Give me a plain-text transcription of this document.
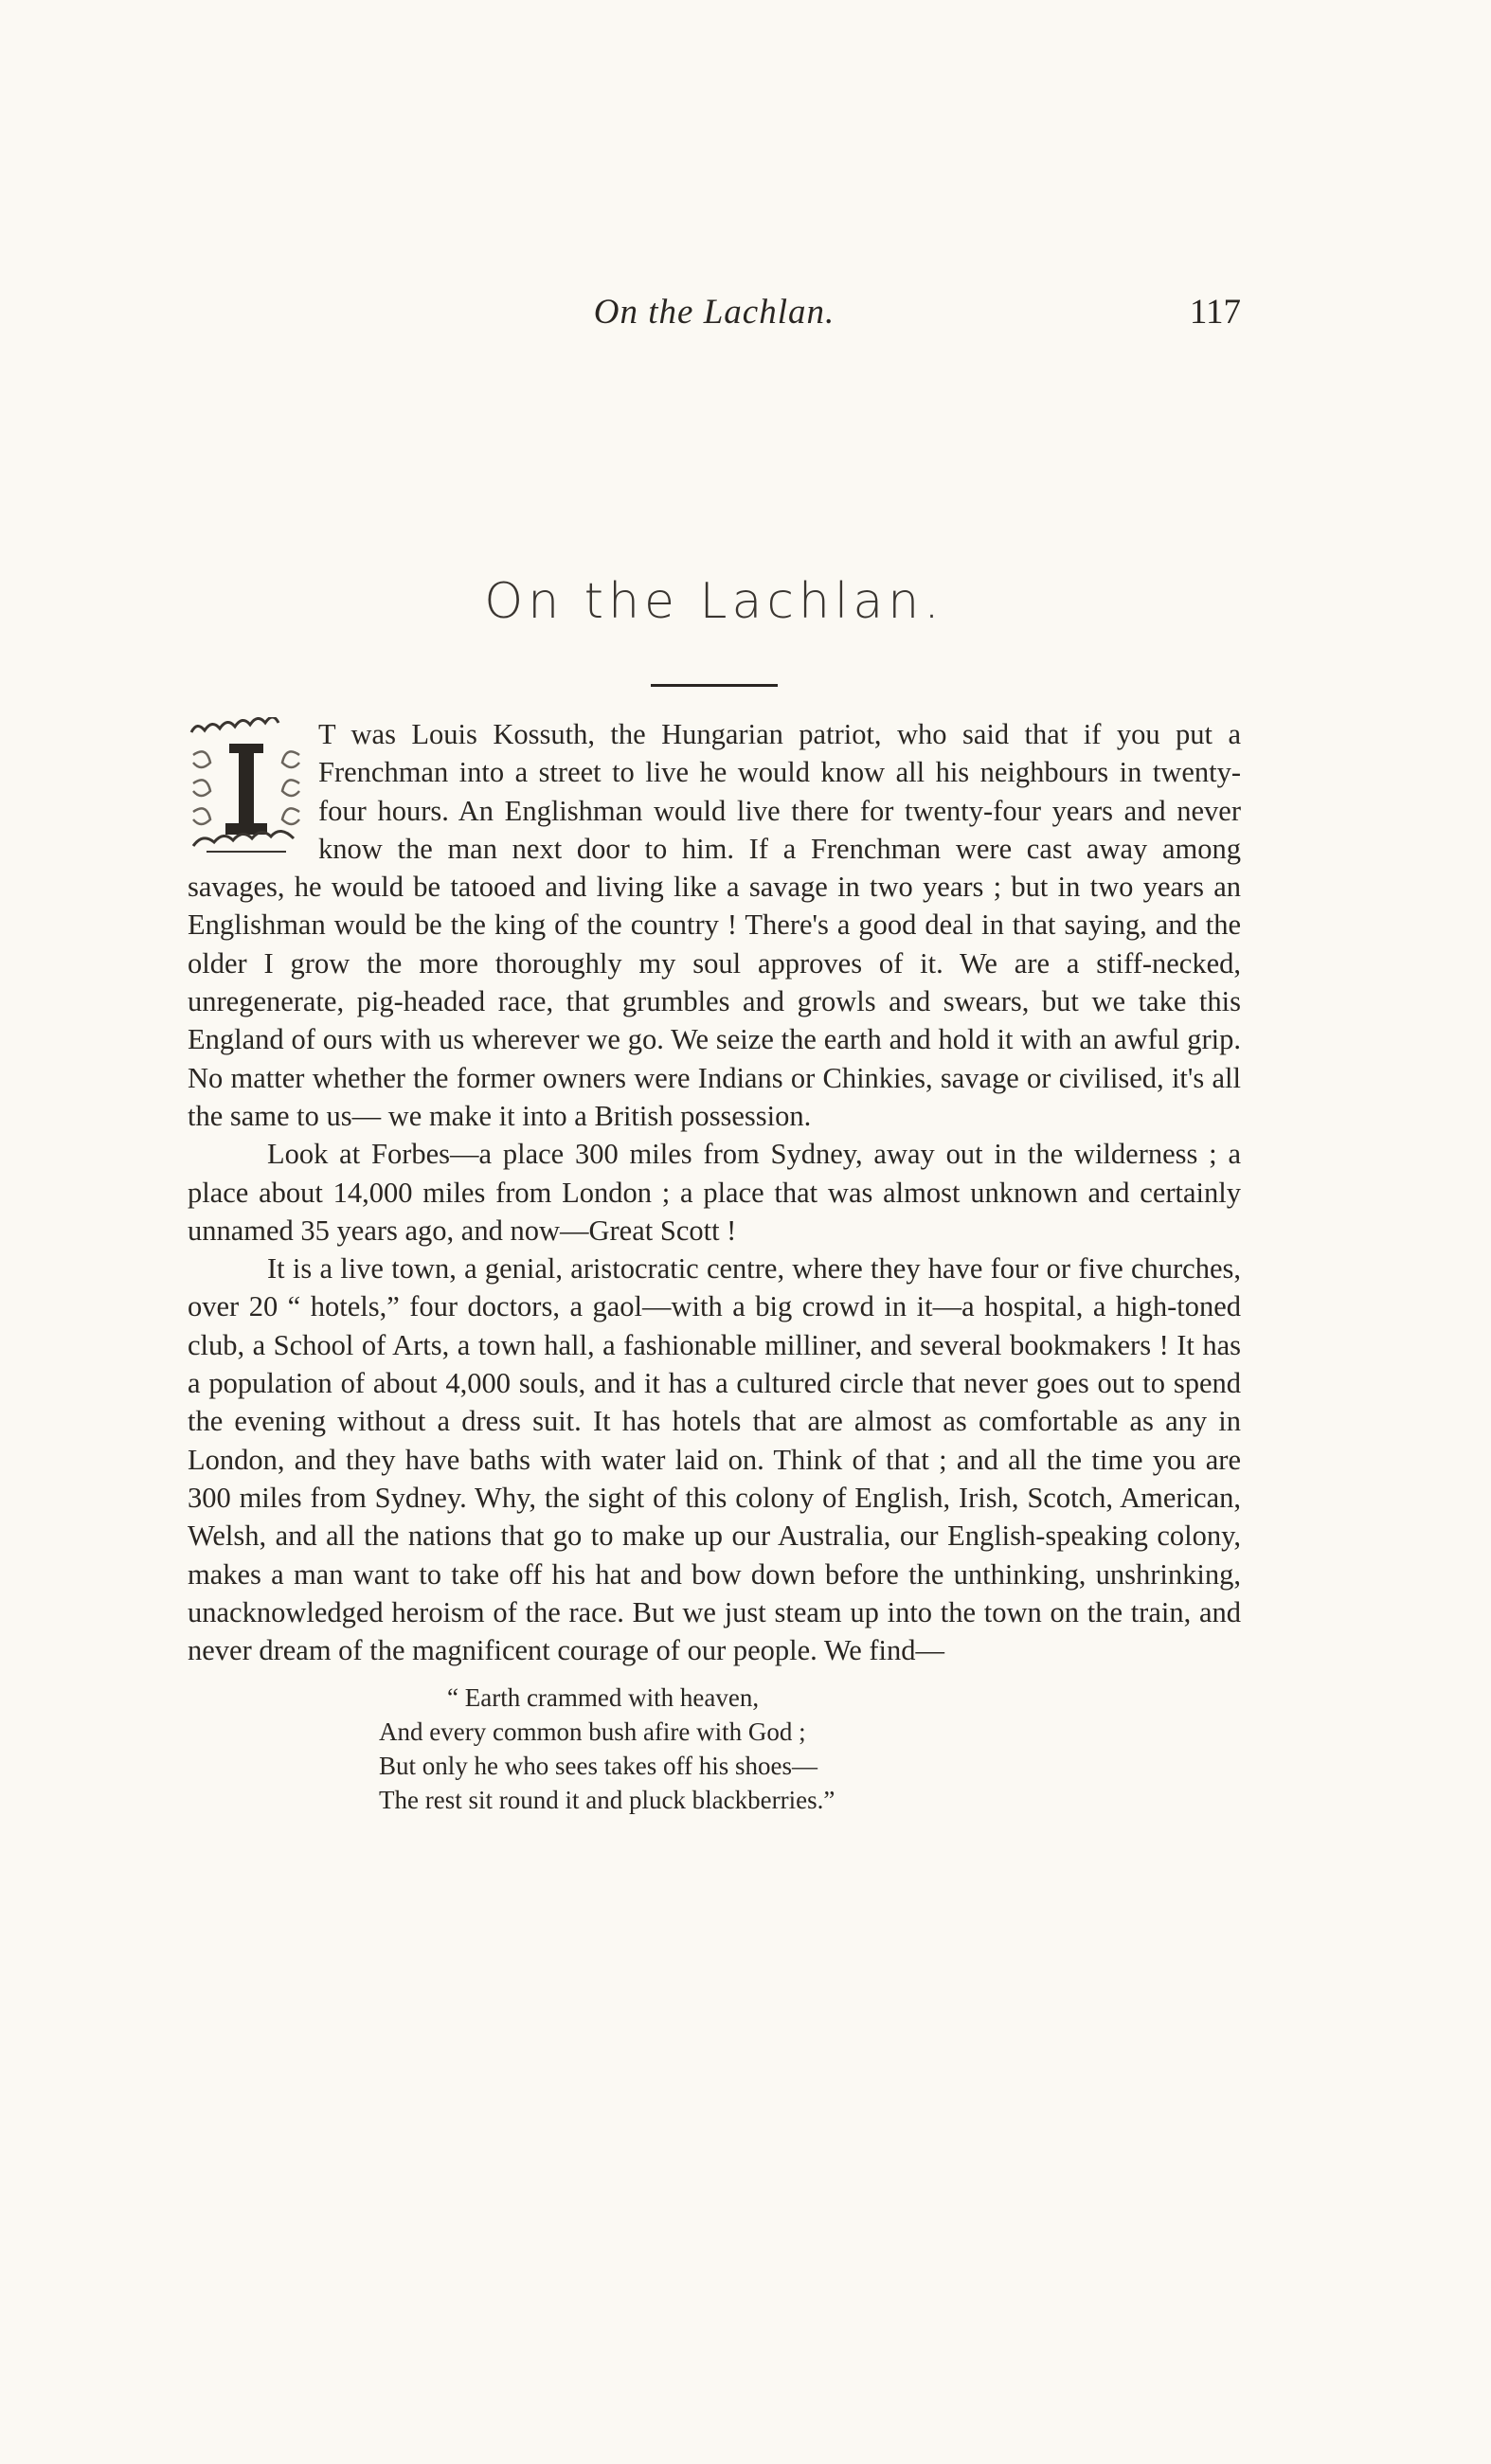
On the Lachlan.	117
On the Lachlan.

T was Louis Kossuth, the Hungarian patriot, who said that if you put a Frenchman into a street to live he would know all his neighbours in twenty-four hours. An Englishman would live there for twenty-four years and never know the man next door to him. If a Frenchman were cast away among savages, he would be tatooed and living like a savage in two years ; but in two years an Englishman would be the king of the country ! There's a good deal in that saying, and the older I grow the more thoroughly my soul approves of it. We are a stiff-necked, unregenerate, pig-headed race, that grumbles and growls and swears, but we take this England of ours with us wherever we go. We seize the earth and hold it with an awful grip. No matter whether the former owners were Indians or Chinkies, savage or civilised, it's all the same to us— we make it into a British possession.

Look at Forbes—a place 300 miles from Sydney, away out in the wilderness ; a place about 14,000 miles from London ; a place that was almost unknown and certainly unnamed 35 years ago, and now—Great Scott !

It is a live town, a genial, aristocratic centre, where they have four or five churches, over 20 “ hotels,” four doctors, a gaol—with a big crowd in it—a hospital, a high-toned club, a School of Arts, a town hall, a fashionable milliner, and several bookmakers ! It has a population of about 4,000 souls, and it has a cultured circle that never goes out to spend the evening without a dress suit. It has hotels that are almost as comfortable as any in London, and they have baths with water laid on. Think of that ; and all the time you are 300 miles from Sydney. Why, the sight of this colony of English, Irish, Scotch, American, Welsh, and all the nations that go to make up our Australia, our English-speaking colony, makes a man want to take off his hat and bow down before the unthinking, unshrinking, unacknowledged heroism of the race. But we just steam up into the town on the train, and never dream of the magnificent courage of our people. We find—

“ Earth crammed with heaven,
And every common bush afire with God ;
But only he who sees takes off his shoes—
The rest sit round it and pluck blackberries.”
